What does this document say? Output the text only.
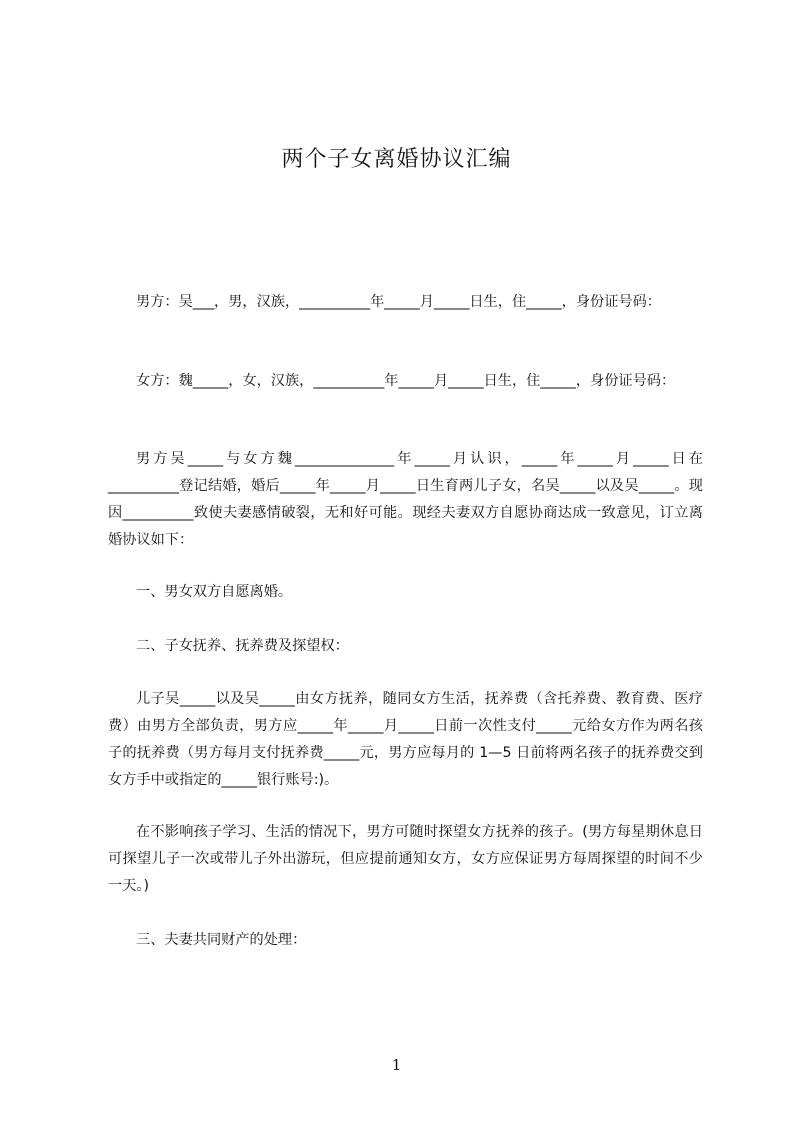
两个子女离婚协议汇编

男方：吴___，男，汉族，__________年_____月_____日生，住_____，身份证号码：

女方：魏_____，女，汉族，__________年_____月_____日生，住_____，身份证号码：

男方吴_____与女方魏______________年_____月认识，_____年_____月_____日在__________登记结婚，婚后_____年_____月_____日生育两儿子女，名吴_____以及吴_____。现因__________致使夫妻感情破裂，无和好可能。现经夫妻双方自愿协商达成一致意见，订立离婚协议如下：

一、男女双方自愿离婚。

二、子女抚养、抚养费及探望权：

儿子吴_____以及吴_____由女方抚养，随同女方生活，抚养费（含托养费、教育费、医疗费）由男方全部负责，男方应_____年_____月_____日前一次性支付_____元给女方作为两名孩子的抚养费（男方每月支付抚养费_____元，男方应每月的 1—5 日前将两名孩子的抚养费交到女方手中或指定的_____银行账号:)。

在不影响孩子学习、生活的情况下，男方可随时探望女方抚养的孩子。(男方每星期休息日可探望儿子一次或带儿子外出游玩，但应提前通知女方，女方应保证男方每周探望的时间不少一天。)

三、夫妻共同财产的处理：

1
